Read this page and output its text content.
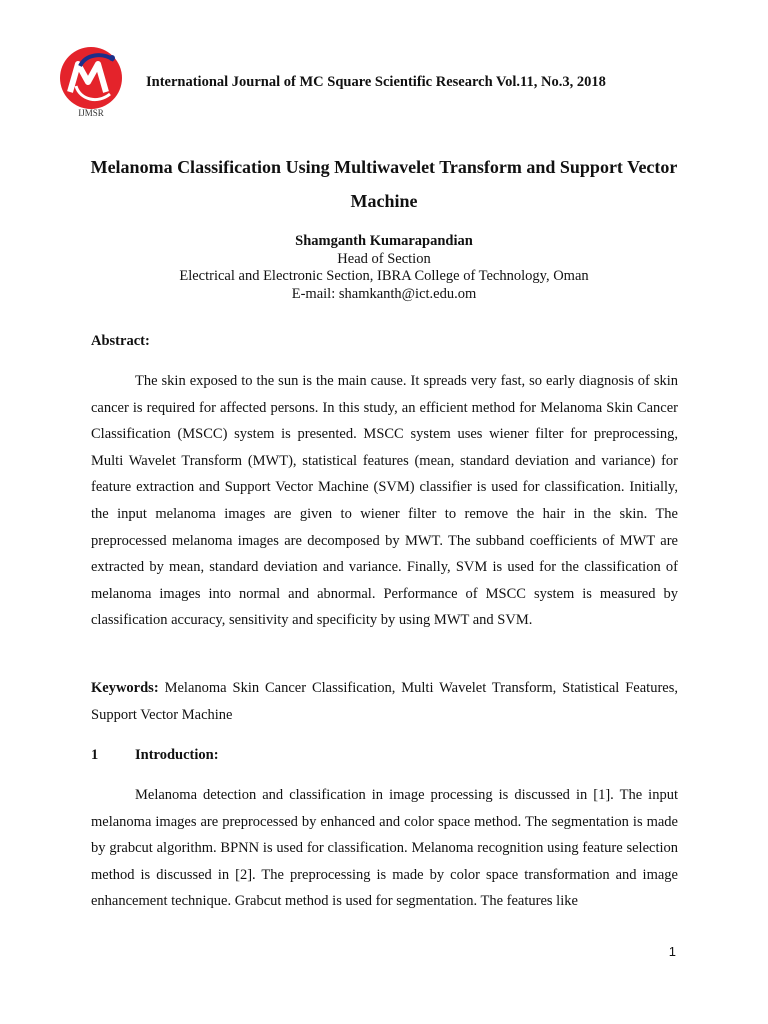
IJMSR
International Journal of MC Square Scientific Research Vol.11, No.3, 2018
Melanoma Classification Using Multiwavelet Transform and Support Vector Machine
Shamganth Kumarapandian
Head of Section
Electrical and Electronic Section, IBRA College of Technology, Oman
E-mail: shamkanth@ict.edu.om
Abstract:

The skin exposed to the sun is the main cause. It spreads very fast, so early diagnosis of skin cancer is required for affected persons. In this study, an efficient method for Melanoma Skin Cancer Classification (MSCC) system is presented. MSCC system uses wiener filter for preprocessing, Multi Wavelet Transform (MWT), statistical features (mean, standard deviation and variance) for feature extraction and Support Vector Machine (SVM) classifier is used for classification. Initially, the input melanoma images are given to wiener filter to remove the hair in the skin. The preprocessed melanoma images are decomposed by MWT. The subband coefficients of MWT are extracted by mean, standard deviation and variance. Finally, SVM is used for the classification of melanoma images into normal and abnormal. Performance of MSCC system is measured by classification accuracy, sensitivity and specificity by using MWT and SVM.

Keywords: Melanoma Skin Cancer Classification, Multi Wavelet Transform, Statistical Features, Support Vector Machine

1	Introduction:

Melanoma detection and classification in image processing is discussed in [1]. The input melanoma images are preprocessed by enhanced and color space method. The segmentation is made by grabcut algorithm. BPNN is used for classification. Melanoma recognition using feature selection method is discussed in [2]. The preprocessing is made by color space transformation and image enhancement technique. Grabcut method is used for segmentation. The features like

1
